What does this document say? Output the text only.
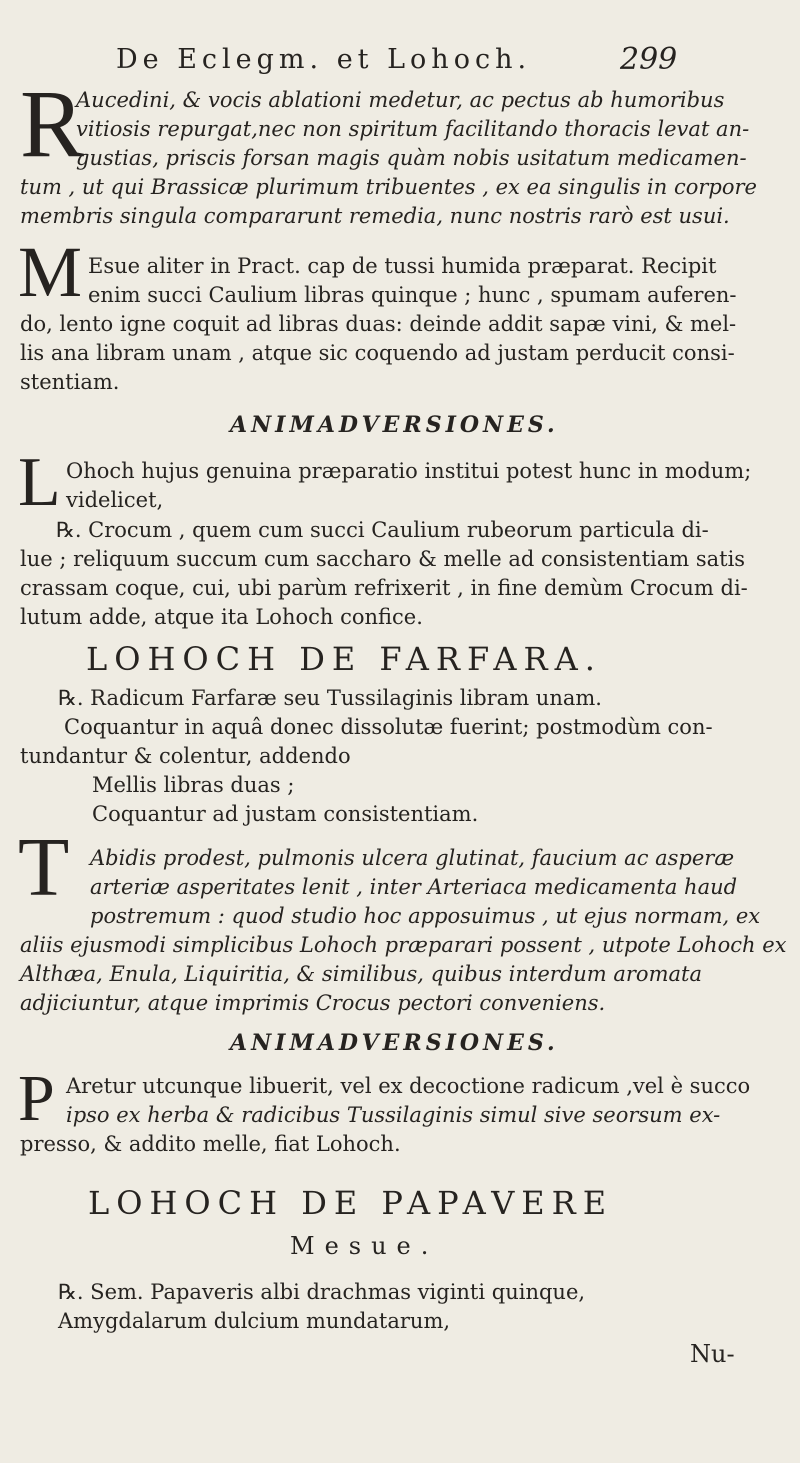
De Eclegm. et Lohoch.	299
R
Aucedini, & vocis ablationi medetur, ac pectus ab humoribus
vitiosis repurgat,nec non spiritum facilitando thoracis levat an-
gustias, priscis forsan magis quàm nobis usitatum medicamen-
tum , ut qui Brassicæ plurimum tribuentes , ex ea singulis in corpore
membris singula compararunt remedia, nunc nostris rarò est usui.
M Esue aliter in Pract. cap de tussi humida præparat. Recipit
enim succi Caulium libras quinque ; hunc , spumam auferen-
do, lento igne coquit ad libras duas: deinde addit sapæ vini, & mel-
lis ana libram unam , atque sic coquendo ad justam perducit consi-
stentiam.
ANIMADVERSIONES.
L Ohoch hujus genuina præparatio institui potest hunc in modum;
videlicet,
℞. Crocum , quem cum succi Caulium rubeorum particula di-
lue ; reliquum succum cum saccharo & melle ad consistentiam satis
crassam coque, cui, ubi parùm refrixerit , in fine demùm Crocum di-
lutum adde, atque ita Lohoch confice.
LOHOCH DE FARFARA.
℞. Radicum Farfaræ seu Tussilaginis libram unam.
Coquantur in aquâ donec dissolutæ fuerint; postmodùm con-
tundantur & colentur, addendo
Mellis libras duas ;
Coquantur ad justam consistentiam.
T Abidis prodest, pulmonis ulcera glutinat, faucium ac asperæ
arteriæ asperitates lenit , inter Arteriaca medicamenta haud
postremum : quod studio hoc apposuimus , ut ejus normam, ex
aliis ejusmodi simplicibus Lohoch præparari possent , utpote Lohoch ex
Althæa, Enula, Liquiritia, & similibus, quibus interdum aromata
adjiciuntur, atque imprimis Crocus pectori conveniens.
ANIMADVERSIONES.
P Aretur utcunque libuerit, vel ex decoctione radicum ,vel è succo
ipso ex herba & radicibus Tussilaginis simul sive seorsum ex-
presso, & addito melle, fiat Lohoch.
LOHOCH DE PAPAVERE
Mesue.
℞. Sem. Papaveris albi drachmas viginti quinque,
Amygdalarum dulcium mundatarum,
Nu-
